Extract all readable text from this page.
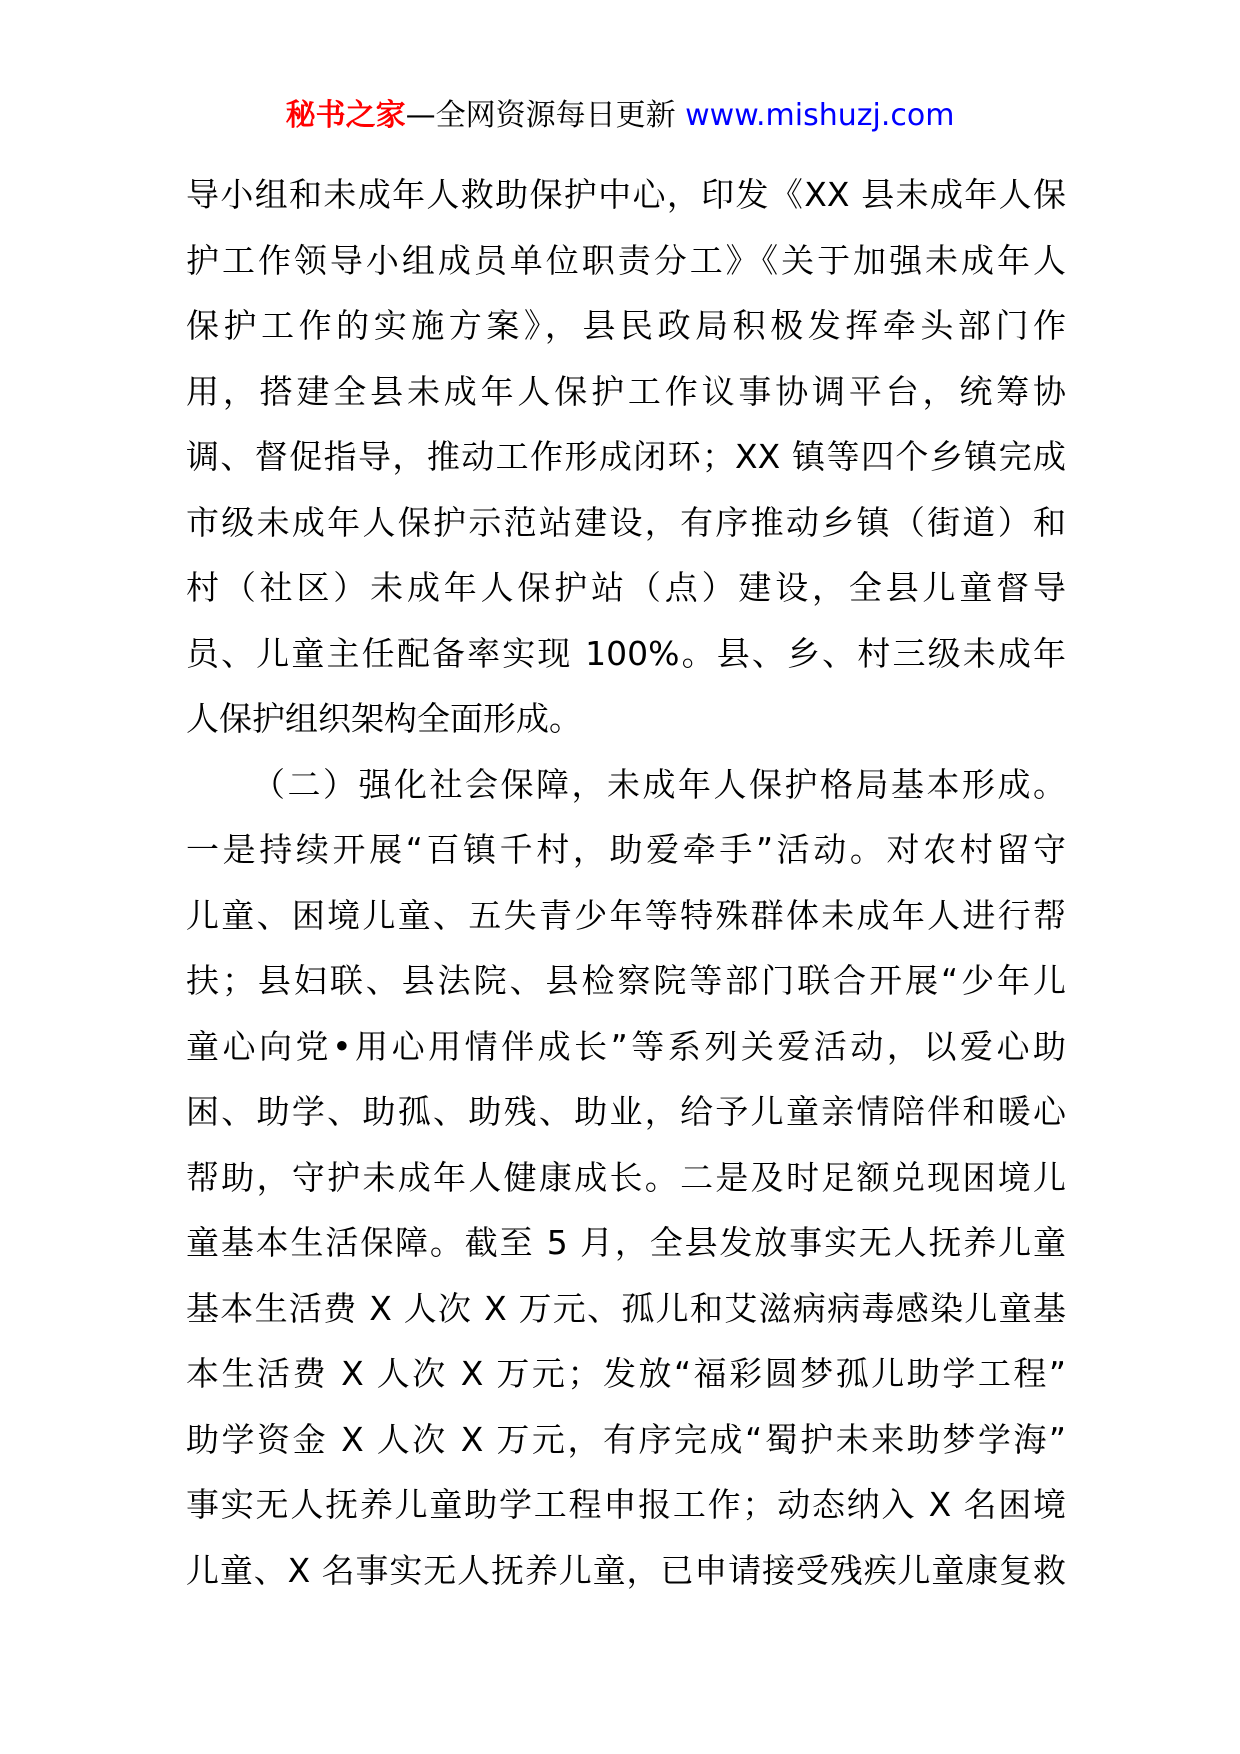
秘书之家—全网资源每日更新 www.mishuzj.com
导小组和未成年人救助保护中心，印发《XX 县未成年人保
护工作领导小组成员单位职责分工》《关于加强未成年人
保护工作的实施方案》，县民政局积极发挥牵头部门作
用，搭建全县未成年人保护工作议事协调平台，统筹协
调、督促指导，推动工作形成闭环；XX 镇等四个乡镇完成
市级未成年人保护示范站建设，有序推动乡镇（街道）和
村（社区）未成年人保护站（点）建设，全县儿童督导
员、儿童主任配备率实现 100%。县、乡、村三级未成年
人保护组织架构全面形成。
（二）强化社会保障，未成年人保护格局基本形成。
一是持续开展“百镇千村，助爱牵手”活动。对农村留守
儿童、困境儿童、五失青少年等特殊群体未成年人进行帮
扶；县妇联、县法院、县检察院等部门联合开展“少年儿
童心向党•用心用情伴成长”等系列关爱活动，以爱心助
困、助学、助孤、助残、助业，给予儿童亲情陪伴和暖心
帮助，守护未成年人健康成长。二是及时足额兑现困境儿
童基本生活保障。截至 5 月，全县发放事实无人抚养儿童
基本生活费 X 人次 X 万元、孤儿和艾滋病病毒感染儿童基
本生活费 X 人次 X 万元；发放“福彩圆梦孤儿助学工程”
助学资金 X 人次 X 万元，有序完成“蜀护未来助梦学海”
事实无人抚养儿童助学工程申报工作；动态纳入 X 名困境
儿童、X 名事实无人抚养儿童，已申请接受残疾儿童康复救
